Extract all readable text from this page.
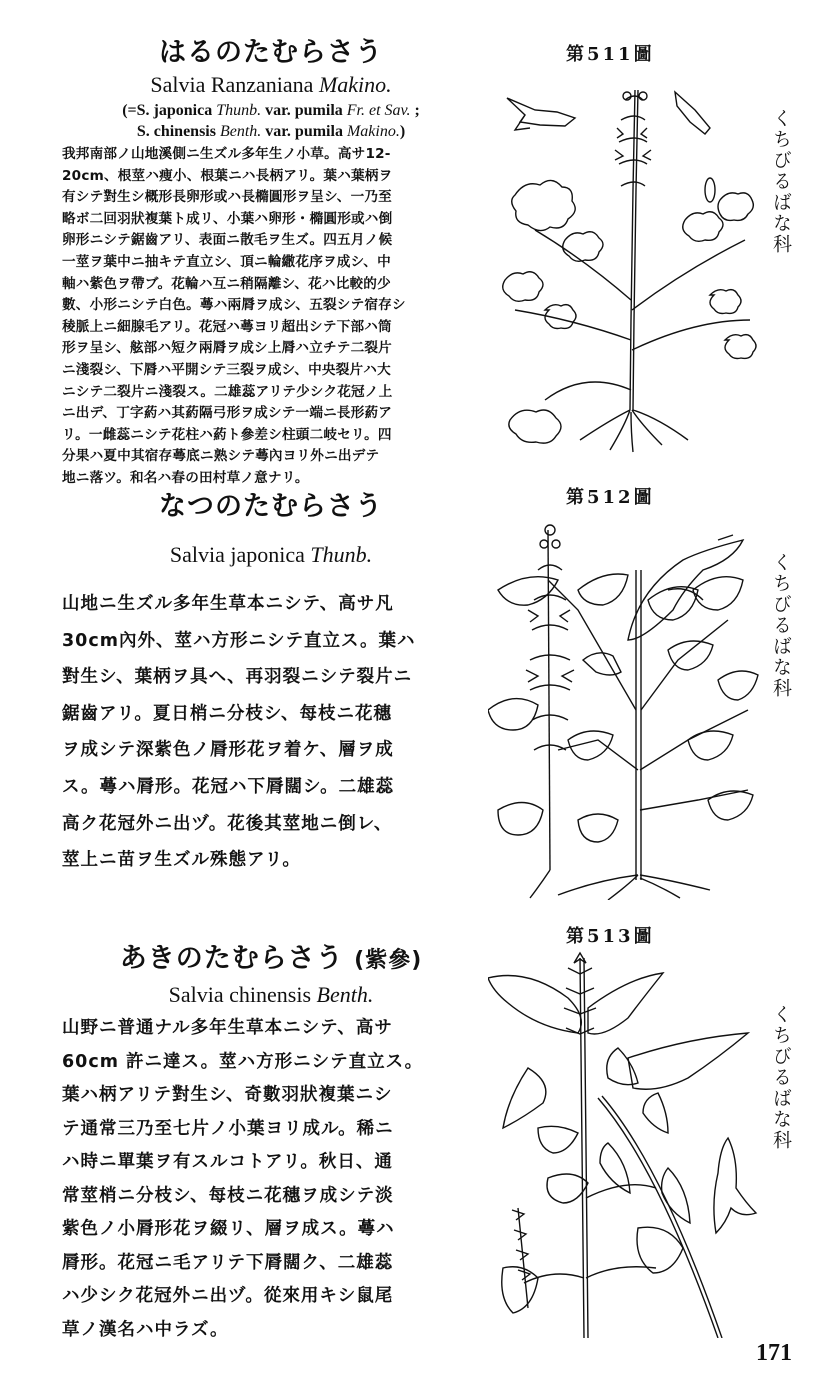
はるのたむらさう
Salvia Ranzaniana Makino.
(=S. japonica Thunb. var. pumila Fr. et Sav. ;
S. chinensis Benth. var. pumila Makino.)
我邦南部ノ山地溪側ニ生ズル多年生ノ小草。高サ12-
20cm、根莖ハ痩小、根葉ニハ長柄アリ。葉ハ葉柄ヲ
有シテ對生シ概形長卵形或ハ長橢圓形ヲ呈シ、一乃至
略ボ二回羽狀複葉ト成リ、小葉ハ卵形・橢圓形或ハ倒
卵形ニシテ鋸齒アリ、表面ニ散毛ヲ生ズ。四五月ノ候
一莖ヲ葉中ニ抽キテ直立シ、頂ニ輪繖花序ヲ成シ、中
軸ハ紫色ヲ帶ブ。花輪ハ互ニ稍隔離シ、花ハ比較的少
數、小形ニシテ白色。蕚ハ兩脣ヲ成シ、五裂シテ宿存シ
稜脈上ニ細腺毛アリ。花冠ハ蕚ヨリ超出シテ下部ハ筒
形ヲ呈シ、舷部ハ短ク兩脣ヲ成シ上脣ハ立チテ二裂片
ニ淺裂シ、下脣ハ平開シテ三裂ヲ成シ、中央裂片ハ大
ニシテ二裂片ニ淺裂ス。二雄蕊アリテ少シク花冠ノ上
ニ出デ、丁字葯ハ其葯隔弓形ヲ成シテ一端ニ長形葯ア
リ。一雌蕊ニシテ花柱ハ葯ト參差シ柱頭二岐セリ。四
分果ハ夏中其宿存蕚底ニ熟シテ蕚內ヨリ外ニ出デテ
地ニ落ツ。和名ハ春の田村草ノ意ナリ。
第511圖
くちびるばな科
なつのたむらさう
Salvia japonica Thunb.
山地ニ生ズル多年生草本ニシテ、高サ凡
30cm內外、莖ハ方形ニシテ直立ス。葉ハ
對生シ、葉柄ヲ具ヘ、再羽裂ニシテ裂片ニ
鋸齒アリ。夏日梢ニ分枝シ、每枝ニ花穗
ヲ成シテ深紫色ノ脣形花ヲ着ケ、層ヲ成
ス。蕚ハ脣形。花冠ハ下脣闊シ。二雄蕊
高ク花冠外ニ出ヅ。花後其莖地ニ倒レ、
莖上ニ苗ヲ生ズル殊態アリ。
第512圖
くちびるばな科
あきのたむらさう (紫參)
Salvia chinensis Benth.
山野ニ普通ナル多年生草本ニシテ、高サ
60cm 許ニ達ス。莖ハ方形ニシテ直立ス。
葉ハ柄アリテ對生シ、奇數羽狀複葉ニシ
テ通常三乃至七片ノ小葉ヨリ成ル。稀ニ
ハ時ニ單葉ヲ有スルコトアリ。秋日、通
常莖梢ニ分枝シ、每枝ニ花穗ヲ成シテ淡
紫色ノ小脣形花ヲ綴リ、層ヲ成ス。蕚ハ
脣形。花冠ニ毛アリテ下脣闊ク、二雄蕊
ハ少シク花冠外ニ出ヅ。從來用キシ鼠尾
草ノ漢名ハ中ラズ。
第513圖
くちびるばな科
171
